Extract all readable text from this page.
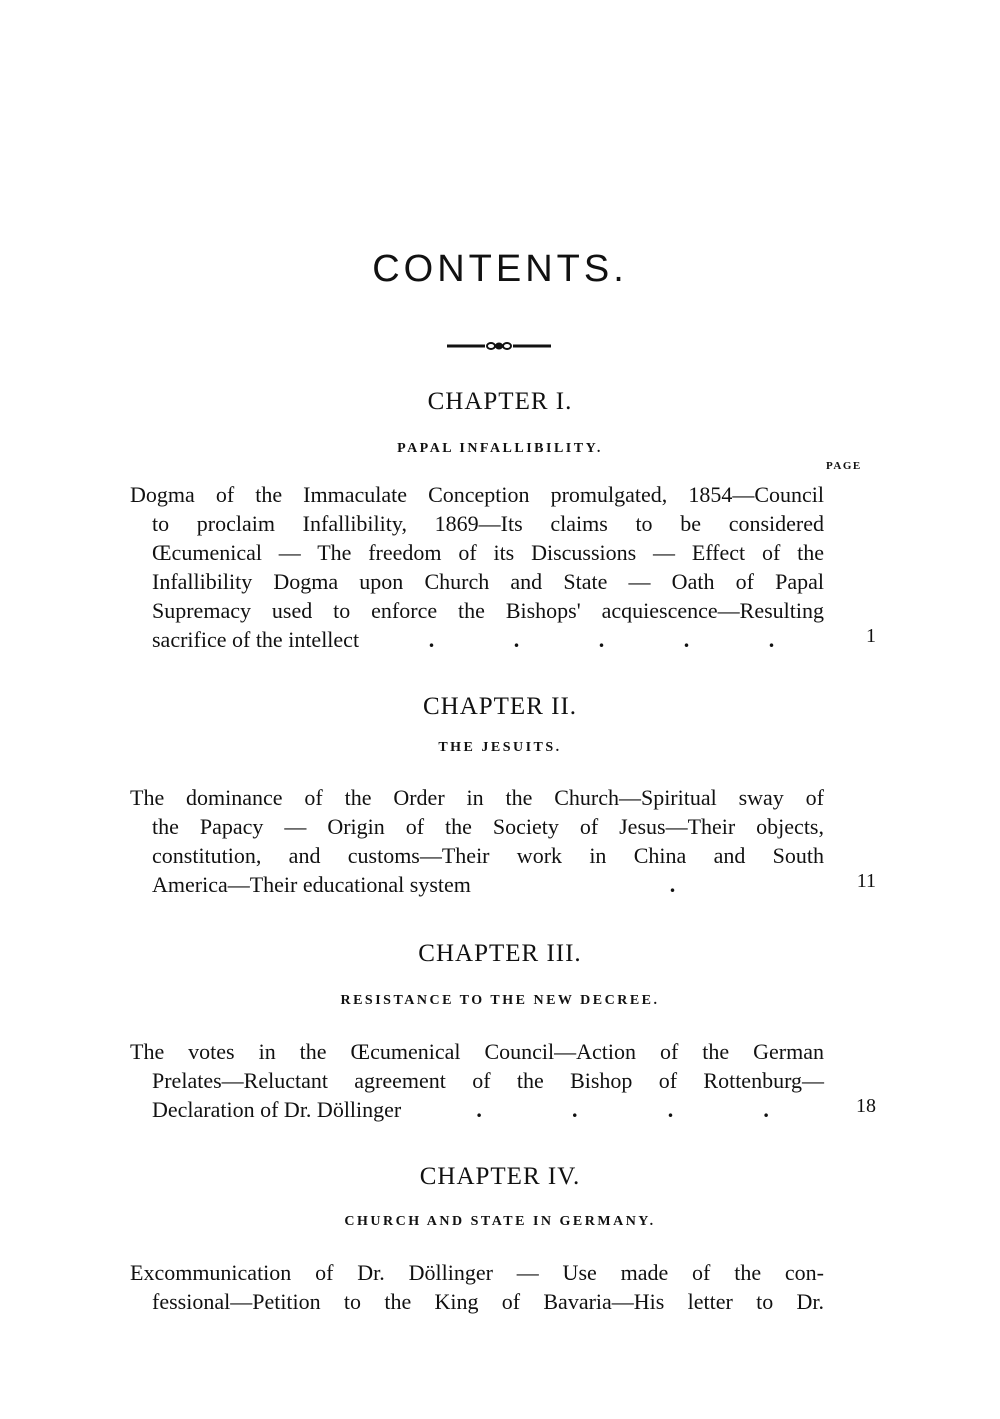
CONTENTS.
CHAPTER I.
PAPAL INFALLIBILITY.
PAGE
Dogma of the Immaculate Conception promulgated, 1854—Council
to proclaim Infallibility, 1869—Its claims to be considered
Œcumenical — The freedom of its Discussions — Effect of the
Infallibility Dogma upon Church and State — Oath of Papal
Supremacy used to enforce the Bishops' acquiescence—Resulting
sacrifice of the intellect	.	.	.	.	.	1
CHAPTER II.
THE JESUITS.
The dominance of the Order in the Church—Spiritual sway of
the Papacy — Origin of the Society of Jesus—Their objects,
constitution, and customs—Their work in China and South
America—Their educational system	.	11
CHAPTER III.
RESISTANCE TO THE NEW DECREE.
The votes in the Œcumenical Council—Action of the German
Prelates—Reluctant agreement of the Bishop of Rottenburg—
Declaration of Dr. Döllinger	.	.	.	.	18
CHAPTER IV.
CHURCH AND STATE IN GERMANY.
Excommunication of Dr. Döllinger — Use made of the con-
fessional—Petition to the King of Bavaria—His letter to Dr.
